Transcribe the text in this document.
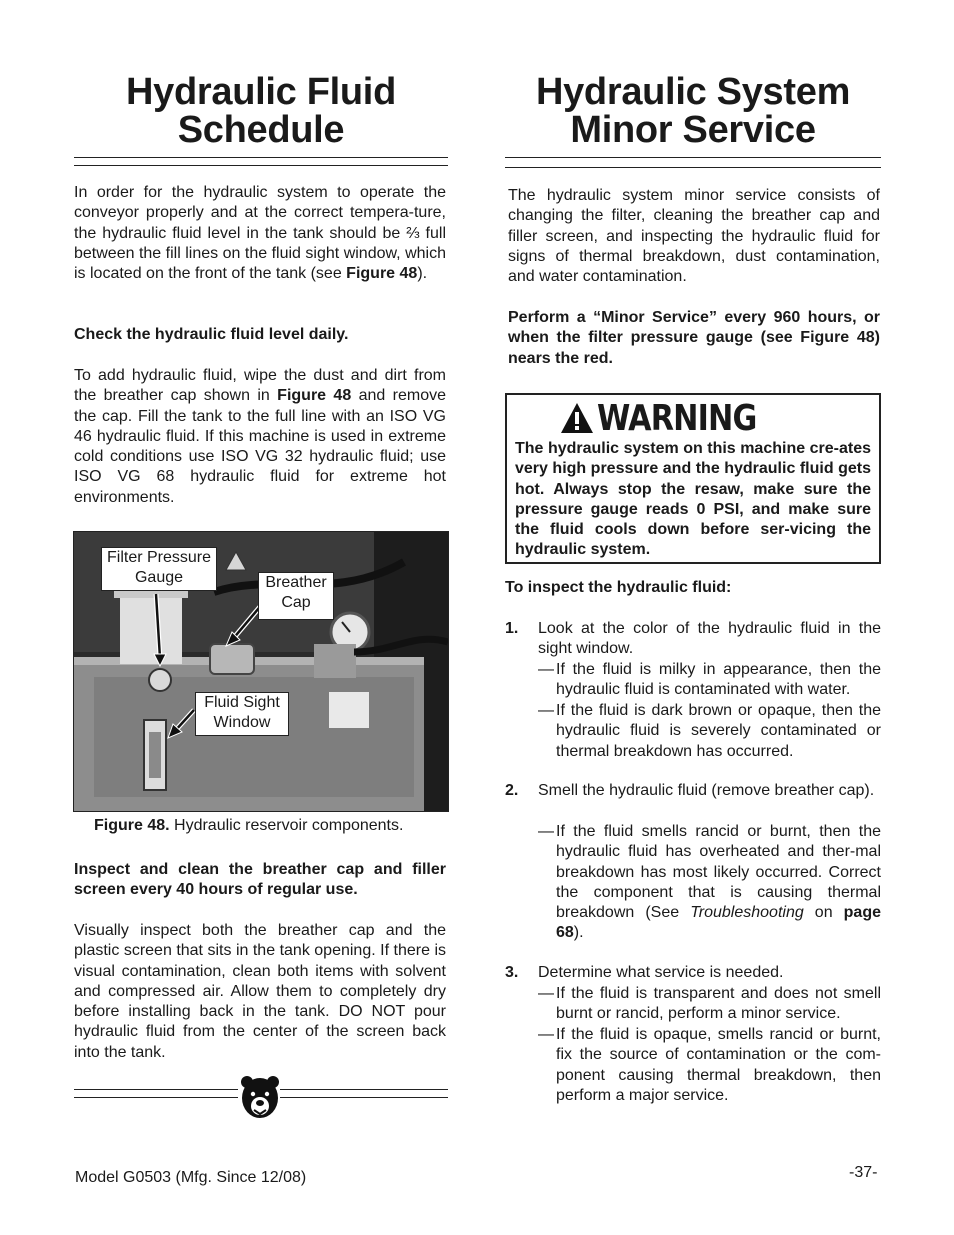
Hydraulic Fluid
Schedule

In order for the hydraulic system to operate the conveyor properly and at the correct tempera-ture, the hydraulic fluid level in the tank should be ⅔ full between the fill lines on the fluid sight window, which is located on the front of the tank (see Figure 48).

Check the hydraulic fluid level daily.

To add hydraulic fluid, wipe the dust and dirt from the breather cap shown in Figure 48 and remove the cap. Fill the tank to the full line with an ISO VG 46 hydraulic fluid. If this machine is used in extreme cold conditions use ISO VG 32 hydraulic fluid; use ISO VG 68 hydraulic fluid for extreme hot environments.

Filter Pressure Gauge	Breather Cap
Fluid Sight Window

Figure 48. Hydraulic reservoir components.

Inspect and clean the breather cap and filler screen every 40 hours of regular use.

Visually inspect both the breather cap and the plastic screen that sits in the tank opening. If there is visual contamination, clean both items with solvent and compressed air. Allow them to completely dry before installing back in the tank. DO NOT pour hydraulic fluid from the center of the screen back into the tank.

Hydraulic System
Minor Service

The hydraulic system minor service consists of changing the filter, cleaning the breather cap and filler screen, and inspecting the hydraulic fluid for signs of thermal breakdown, dust contamination, and water contamination.

Perform a “Minor Service” every 960 hours, or when the filter pressure gauge (see Figure 48) nears the red.

WARNING

The hydraulic system on this machine cre-ates very high pressure and the hydraulic fluid gets hot. Always stop the resaw, make sure the pressure gauge reads 0 PSI, and make sure the fluid cools down before ser-vicing the hydraulic system.

To inspect the hydraulic fluid:

1. Look at the color of the hydraulic fluid in the sight window.
— If the fluid is milky in appearance, then the hydraulic fluid is contaminated with water.
— If the fluid is dark brown or opaque, then the hydraulic fluid is severely contaminated or thermal breakdown has occurred.
2. Smell the hydraulic fluid (remove breather cap).
— If the fluid smells rancid or burnt, then the hydraulic fluid has overheated and ther-mal breakdown has most likely occurred. Correct the component that is causing thermal breakdown (See Troubleshooting on page 68).
3. Determine what service is needed.
— If the fluid is transparent and does not smell burnt or rancid, perform a minor service.
— If the fluid is opaque, smells rancid or burnt, fix the source of contamination or the com-ponent causing thermal breakdown, then perform a major service.
Model G0503 (Mfg. Since 12/08)	-37-
